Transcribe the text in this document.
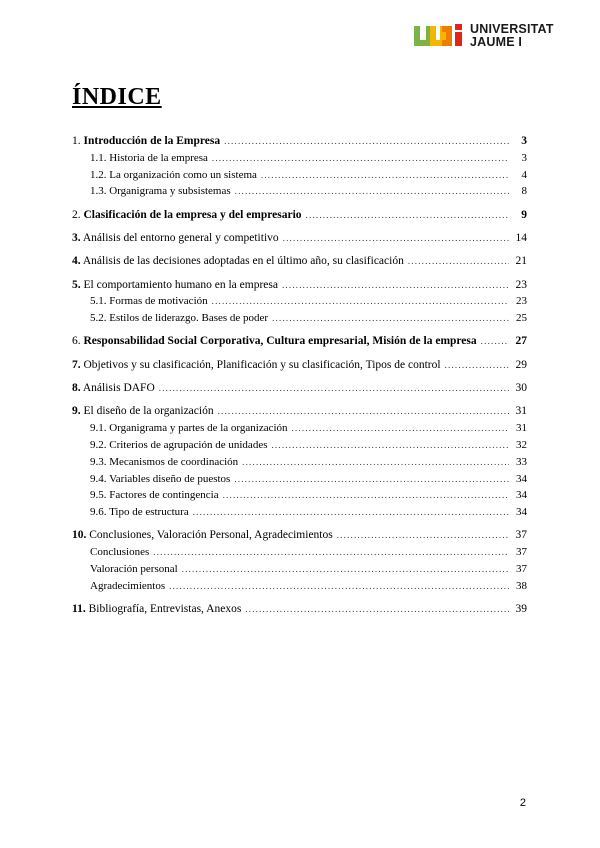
UNIVERSITAT
JAUME I
ÍNDICE
1. Introducción de la Empresa .....	3
1.1. Historia de la empresa .....	3
1.2. La organización como un sistema .....	4
1.3. Organigrama y subsistemas .....	8
2. Clasificación de la empresa y del empresario .....	9
3. Análisis del entorno general y competitivo .....	14
4. Análisis de las decisiones adoptadas en el último año, su clasificación .....	21
5. El comportamiento humano en la empresa .....	23
5.1. Formas de motivación .....	23
5.2. Estilos de liderazgo. Bases de poder .....	25
6. Responsabilidad Social Corporativa, Cultura empresarial, Misión de la empresa .....	27
7. Objetivos y su clasificación, Planificación y su clasificación, Tipos de control .....	29
8. Análisis DAFO .....	30
9. El diseño de la organización .....	31
9.1. Organigrama y partes de la organización .....	31
9.2. Criterios de agrupación de unidades .....	32
9.3. Mecanismos de coordinación .....	33
9.4. Variables diseño de puestos .....	34
9.5. Factores de contingencia .....	34
9.6. Tipo de estructura .....	34
10. Conclusiones, Valoración Personal, Agradecimientos .....	37
Conclusiones .....	37
Valoración personal .....	37
Agradecimientos .....	38
11. Bibliografía, Entrevistas, Anexos .....	39
2
